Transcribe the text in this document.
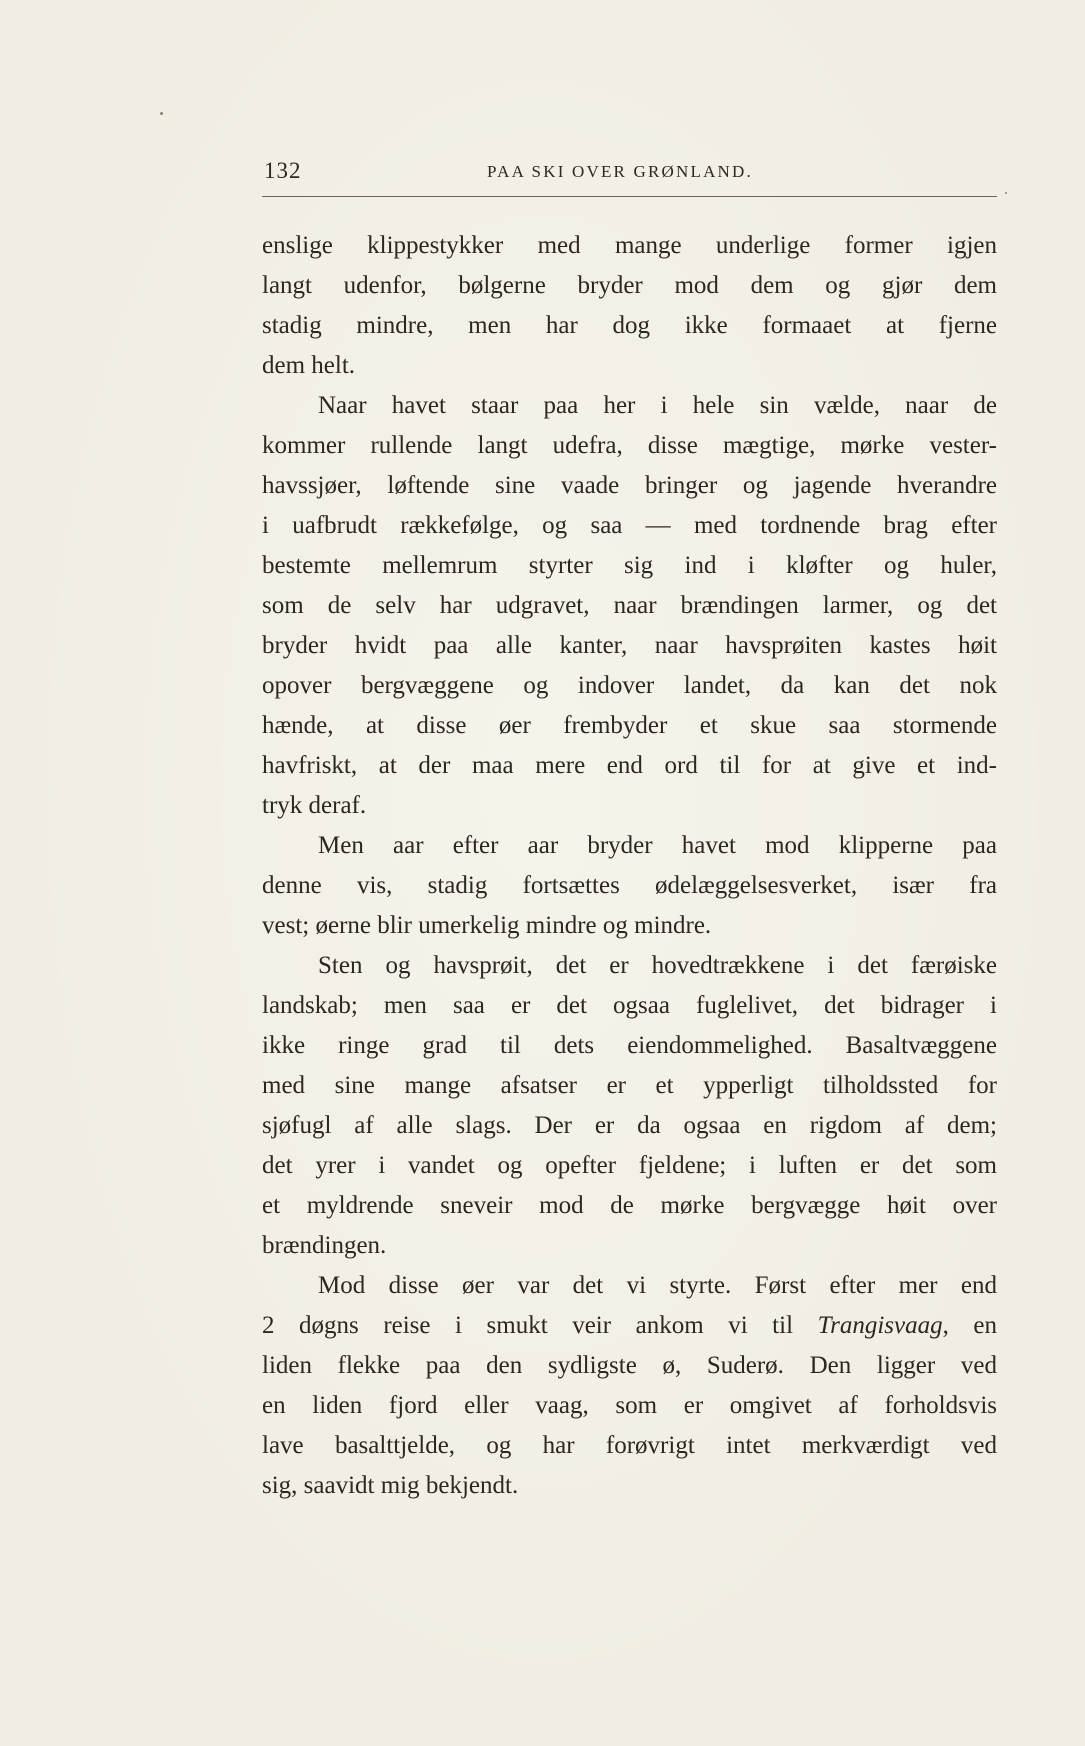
132	PAA SKI OVER GRØNLAND.
enslige klippestykker med mange underlige former igjen
langt udenfor, bølgerne bryder mod dem og gjør dem
stadig mindre, men har dog ikke formaaet at fjerne
dem helt.
Naar havet staar paa her i hele sin vælde, naar de
kommer rullende langt udefra, disse mægtige, mørke vester-
havssjøer, løftende sine vaade bringer og jagende hverandre
i uafbrudt rækkefølge, og saa — med tordnende brag efter
bestemte mellemrum styrter sig ind i kløfter og huler,
som de selv har udgravet, naar brændingen larmer, og det
bryder hvidt paa alle kanter, naar havsprøiten kastes høit
opover bergvæggene og indover landet, da kan det nok
hænde, at disse øer frembyder et skue saa stormende
havfriskt, at der maa mere end ord til for at give et ind-
tryk deraf.
Men aar efter aar bryder havet mod klipperne paa
denne vis, stadig fortsættes ødelæggelsesverket, især fra
vest; øerne blir umerkelig mindre og mindre.
Sten og havsprøit, det er hovedtrækkene i det færøiske
landskab; men saa er det ogsaa fuglelivet, det bidrager i
ikke ringe grad til dets eiendommelighed. Basaltvæggene
med sine mange afsatser er et ypperligt tilholdssted for
sjøfugl af alle slags. Der er da ogsaa en rigdom af dem;
det yrer i vandet og opefter fjeldene; i luften er det som
et myldrende sneveir mod de mørke bergvægge høit over
brændingen.
Mod disse øer var det vi styrte. Først efter mer end
2 døgns reise i smukt veir ankom vi til Trangisvaag, en
liden flekke paa den sydligste ø, Suderø. Den ligger ved
en liden fjord eller vaag, som er omgivet af forholdsvis
lave basalttjelde, og har forøvrigt intet merkværdigt ved
sig, saavidt mig bekjendt.
